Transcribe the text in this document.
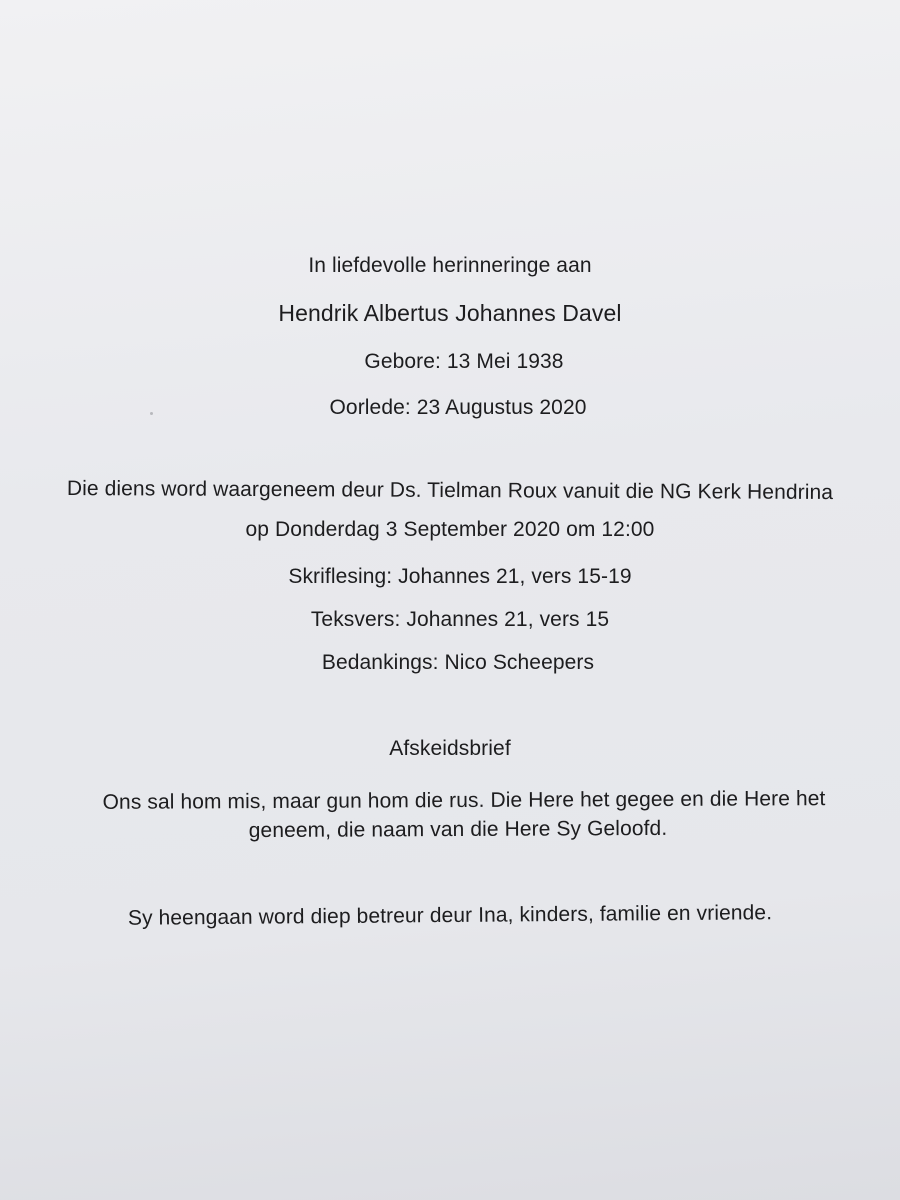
In liefdevolle herinneringe aan
Hendrik Albertus Johannes Davel
Gebore: 13 Mei 1938
Oorlede: 23 Augustus 2020
Die diens word waargeneem deur Ds. Tielman Roux vanuit die NG Kerk Hendrina
op Donderdag 3 September 2020 om 12:00
Skriflesing: Johannes 21, vers 15-19
Teksvers: Johannes 21, vers 15
Bedankings: Nico Scheepers
Afskeidsbrief
Ons sal hom mis, maar gun hom die rus. Die Here het gegee en die Here het
geneem, die naam van die Here Sy Geloofd.
Sy heengaan word diep betreur deur Ina, kinders, familie en vriende.
